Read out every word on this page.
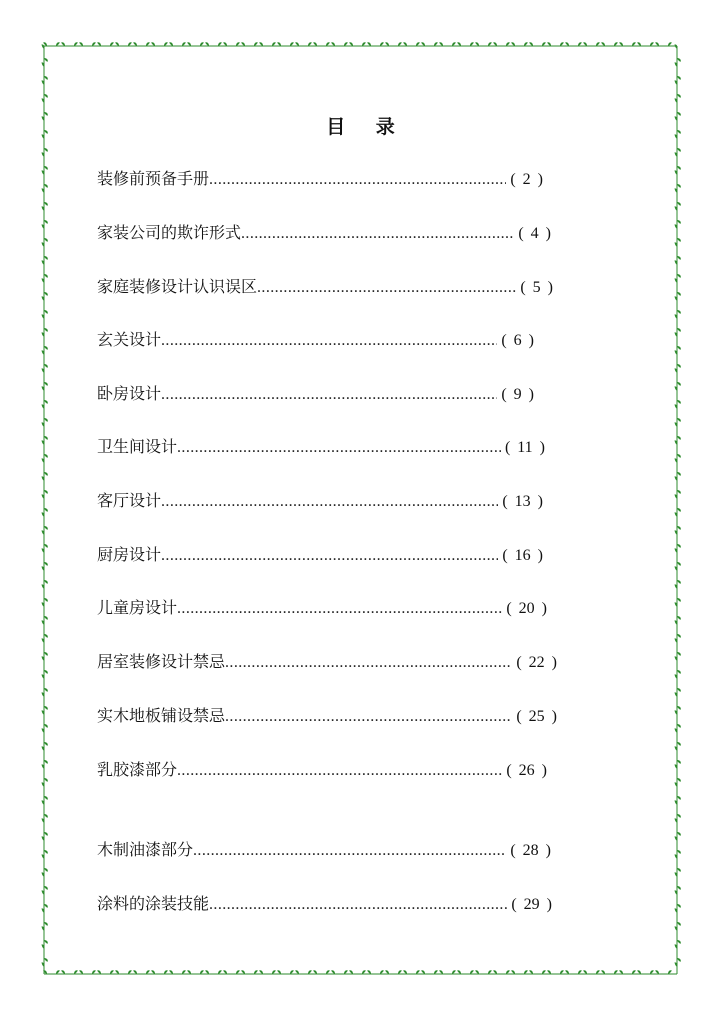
目 录
装修前预备手册 .....	( 2 )
家装公司的欺诈形式 .....	( 4 )
家庭装修设计认识误区 .....	( 5 )
玄关设计 .....	( 6 )
卧房设计 .....	( 9 )
卫生间设计 .....	( 11 )
客厅设计 .....	( 13 )
厨房设计 .....	( 16 )
儿童房设计 .....	( 20 )
居室装修设计禁忌 .....	( 22 )
实木地板铺设禁忌 .....	( 25 )
乳胶漆部分 .....	( 26 )
木制油漆部分 .....	( 28 )
涂料的涂装技能 .....	( 29 )
